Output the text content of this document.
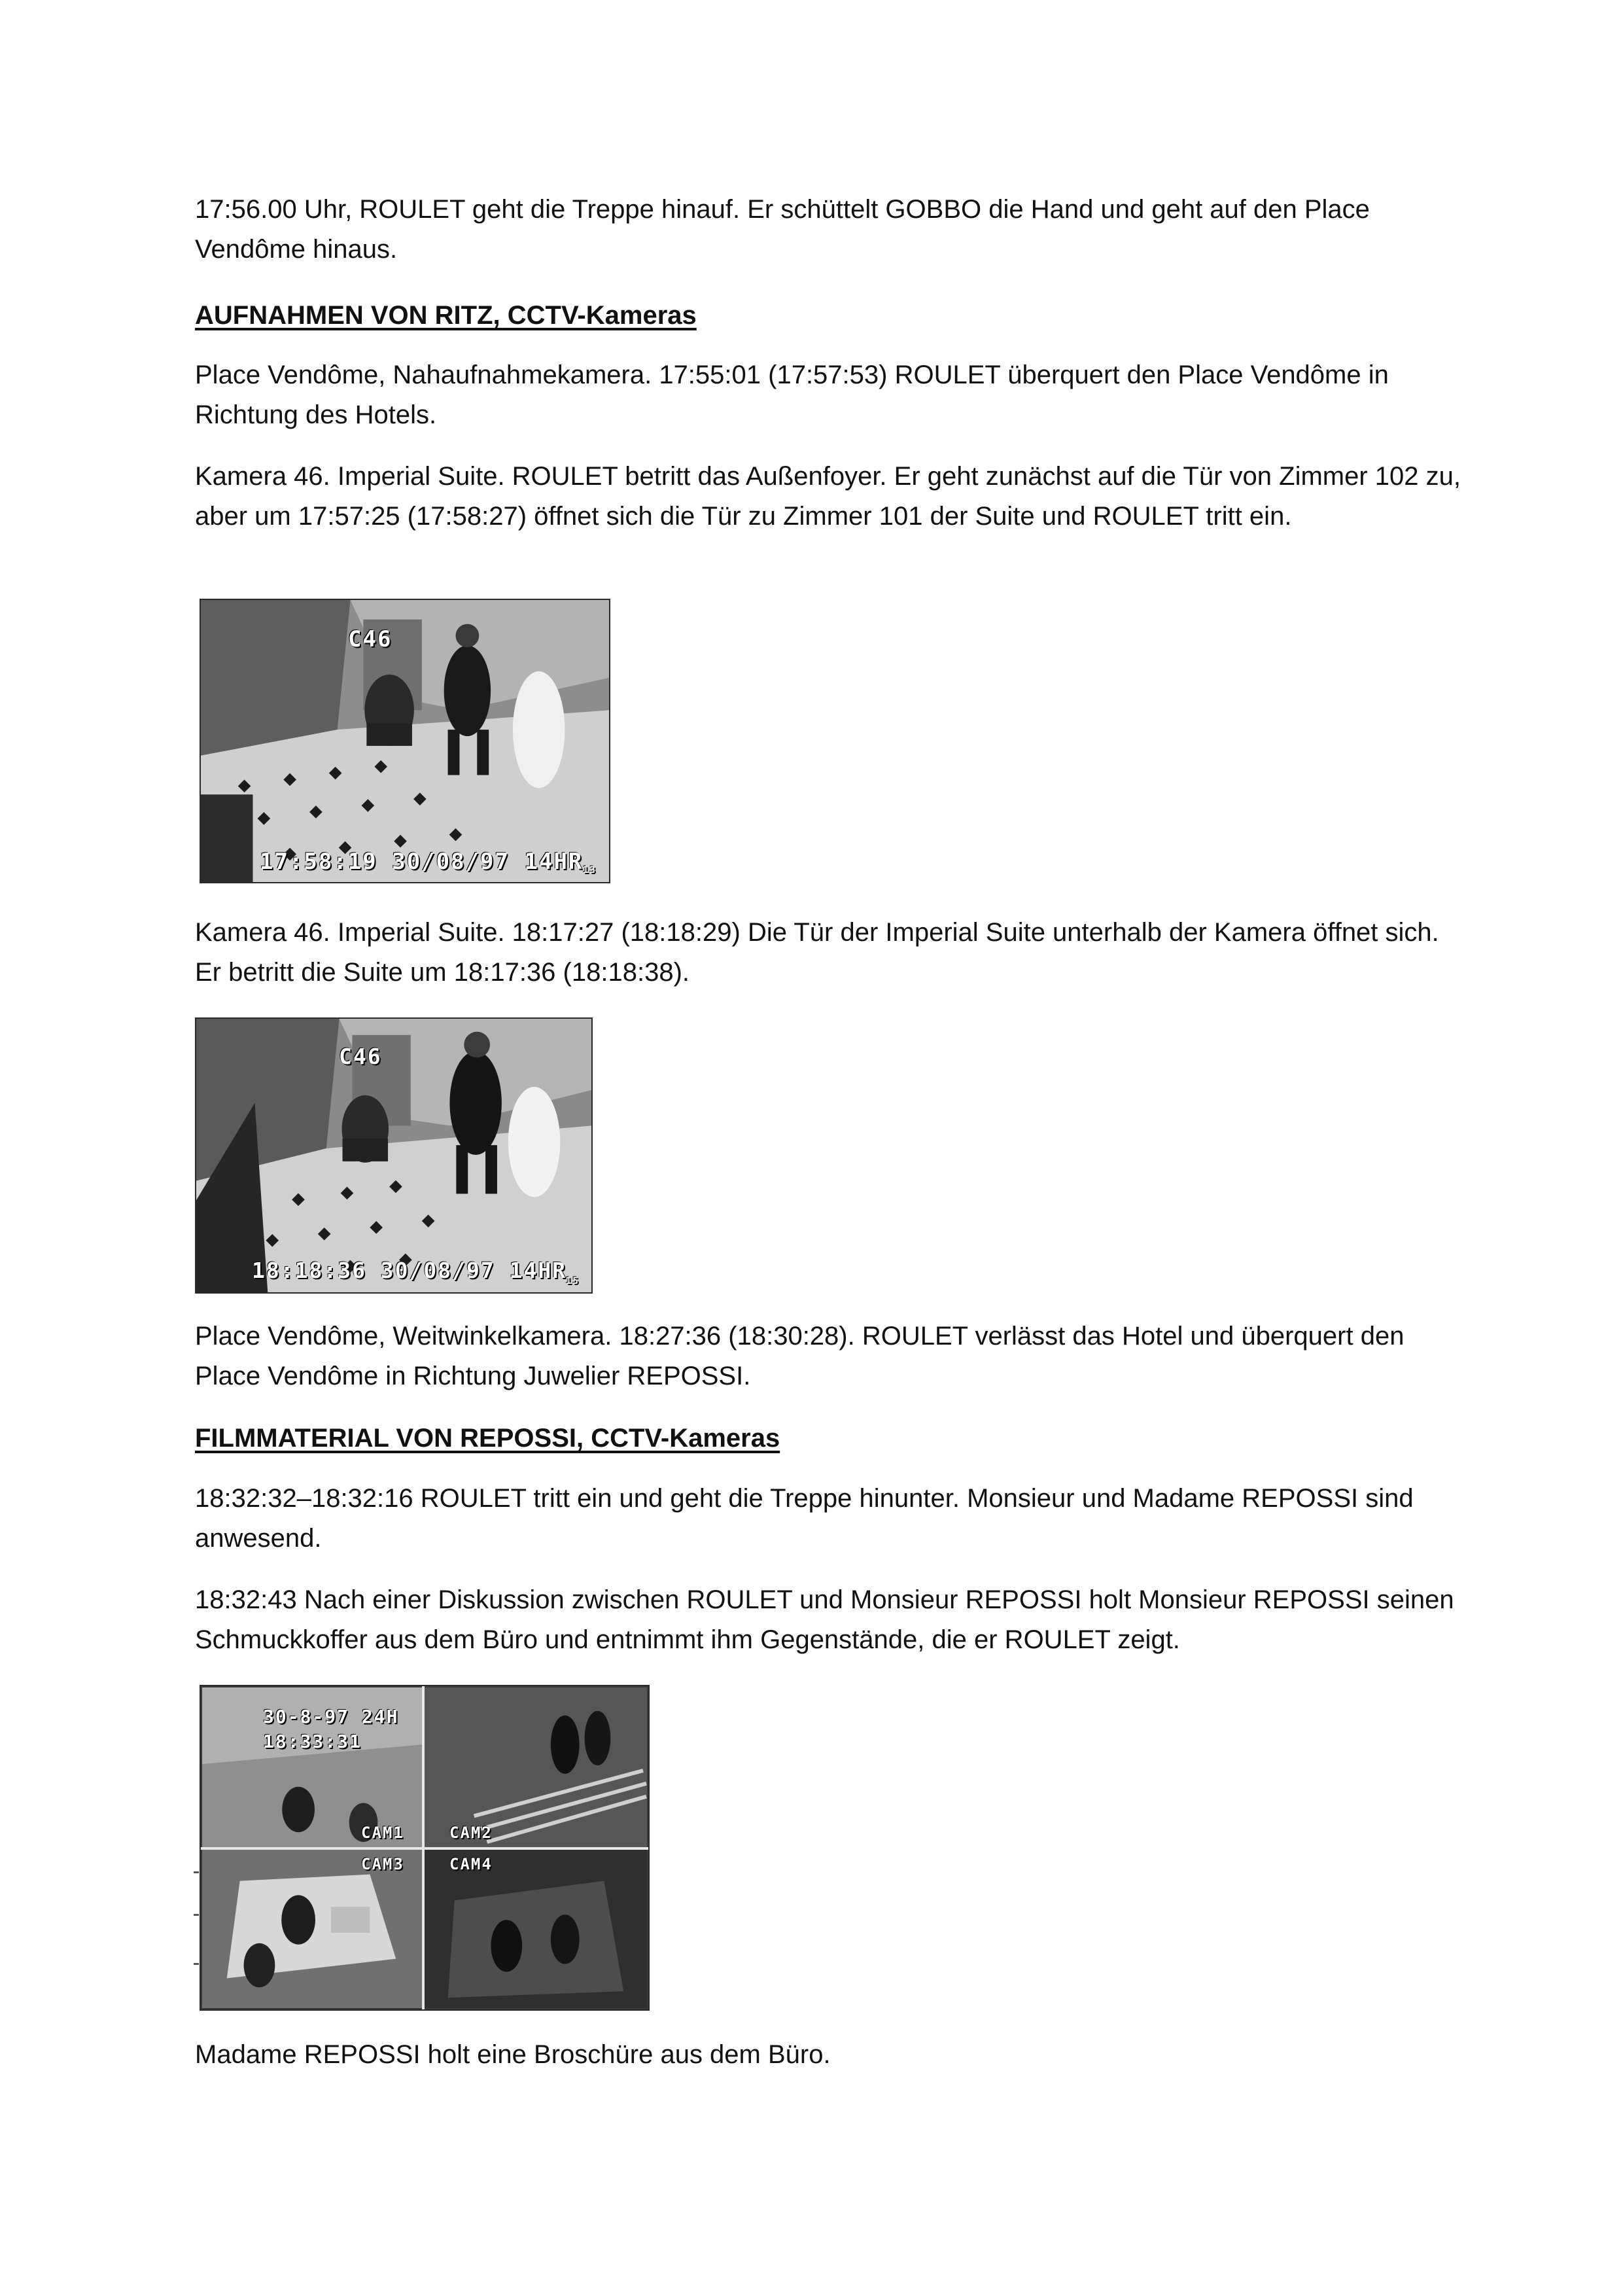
17:56.00 Uhr, ROULET geht die Treppe hinauf. Er schüttelt GOBBO die Hand und geht auf den Place Vendôme hinaus.

AUFNAHMEN VON RITZ, CCTV-Kameras

Place Vendôme, Nahaufnahmekamera. 17:55:01 (17:57:53) ROULET überquert den Place Vendôme in Richtung des Hotels.

Kamera 46. Imperial Suite. ROULET betritt das Außenfoyer. Er geht zunächst auf die Tür von Zimmer 102 zu, aber um 17:57:25 (17:58:27) öffnet sich die Tür zu Zimmer 101 der Suite und ROULET tritt ein.

C46
17:58:19 30/08/97 14HR 13

Kamera 46. Imperial Suite. 18:17:27 (18:18:29) Die Tür der Imperial Suite unterhalb der Kamera öffnet sich. Er betritt die Suite um 18:17:36 (18:18:38).

C46
18:18:36 30/08/97 14HR
15

Place Vendôme, Weitwinkelkamera. 18:27:36 (18:30:28). ROULET verlässt das Hotel und überquert den Place Vendôme in Richtung Juwelier REPOSSI.

FILMMATERIAL VON REPOSSI, CCTV-Kameras

18:32:32–18:32:16 ROULET tritt ein und geht die Treppe hinunter. Monsieur und Madame REPOSSI sind anwesend.

18:32:43 Nach einer Diskussion zwischen ROULET und Monsieur REPOSSI holt Monsieur REPOSSI seinen Schmuckkoffer aus dem Büro und entnimmt ihm Gegenstände, die er ROULET zeigt.

30-8-97 24H
18:33:31
CAM1	CAM2
CAM3	CAM4

Madame REPOSSI holt eine Broschüre aus dem Büro.
